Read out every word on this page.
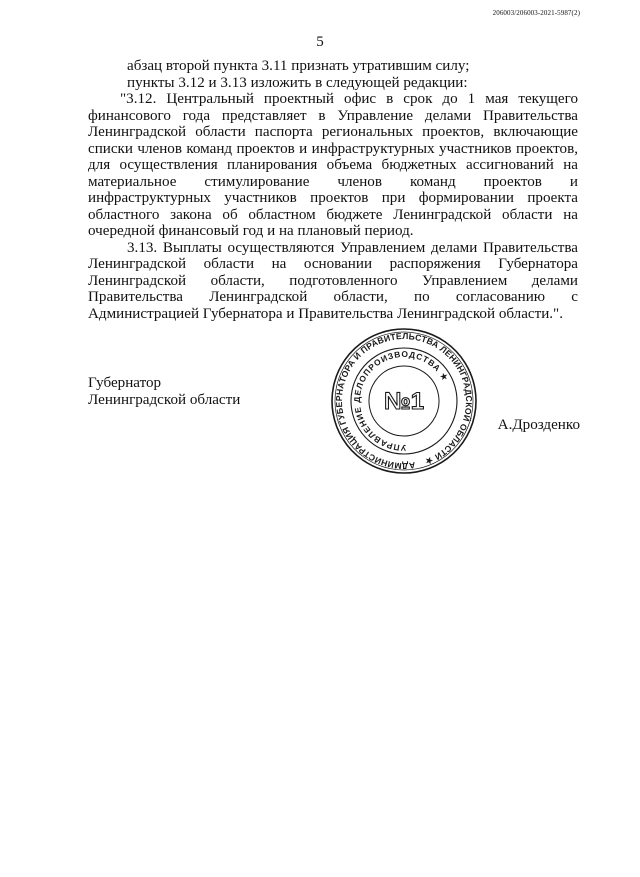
206003/206003-2021-5987(2)
5

абзац второй пункта 3.11 признать утратившим силу;

пункты 3.12 и 3.13 изложить в следующей редакции:

"3.12. Центральный проектный офис в срок до 1 мая текущего финансового года представляет в Управление делами Правительства Ленинградской области паспорта региональных проектов, включающие списки членов команд проектов и инфраструктурных участников проектов, для осуществления планирования объема бюджетных ассигнований на материальное стимулирование членов команд проектов и инфраструктурных участников проектов при формировании проекта областного закона об областном бюджете Ленинградской области на очередной финансовый год и на плановый период.

3.13. Выплаты осуществляются Управлением делами Правительства Ленинградской области на основании распоряжения Губернатора Ленинградской области, подготовленного Управлением делами Правительства Ленинградской области, по согласованию с Администрацией Губернатора и Правительства Ленинградской области.".

Губернатор
Ленинградской области
А.Дрозденко
АДМИНИСТРАЦИЯ ГУБЕРНАТОРА И ПРАВИТЕЛЬСТВА ЛЕНИНГРАДСКОЙ ОБЛАСТИ ★
УПРАВЛЕНИЕ ДЕЛОПРОИЗВОДСТВА ★
№1
